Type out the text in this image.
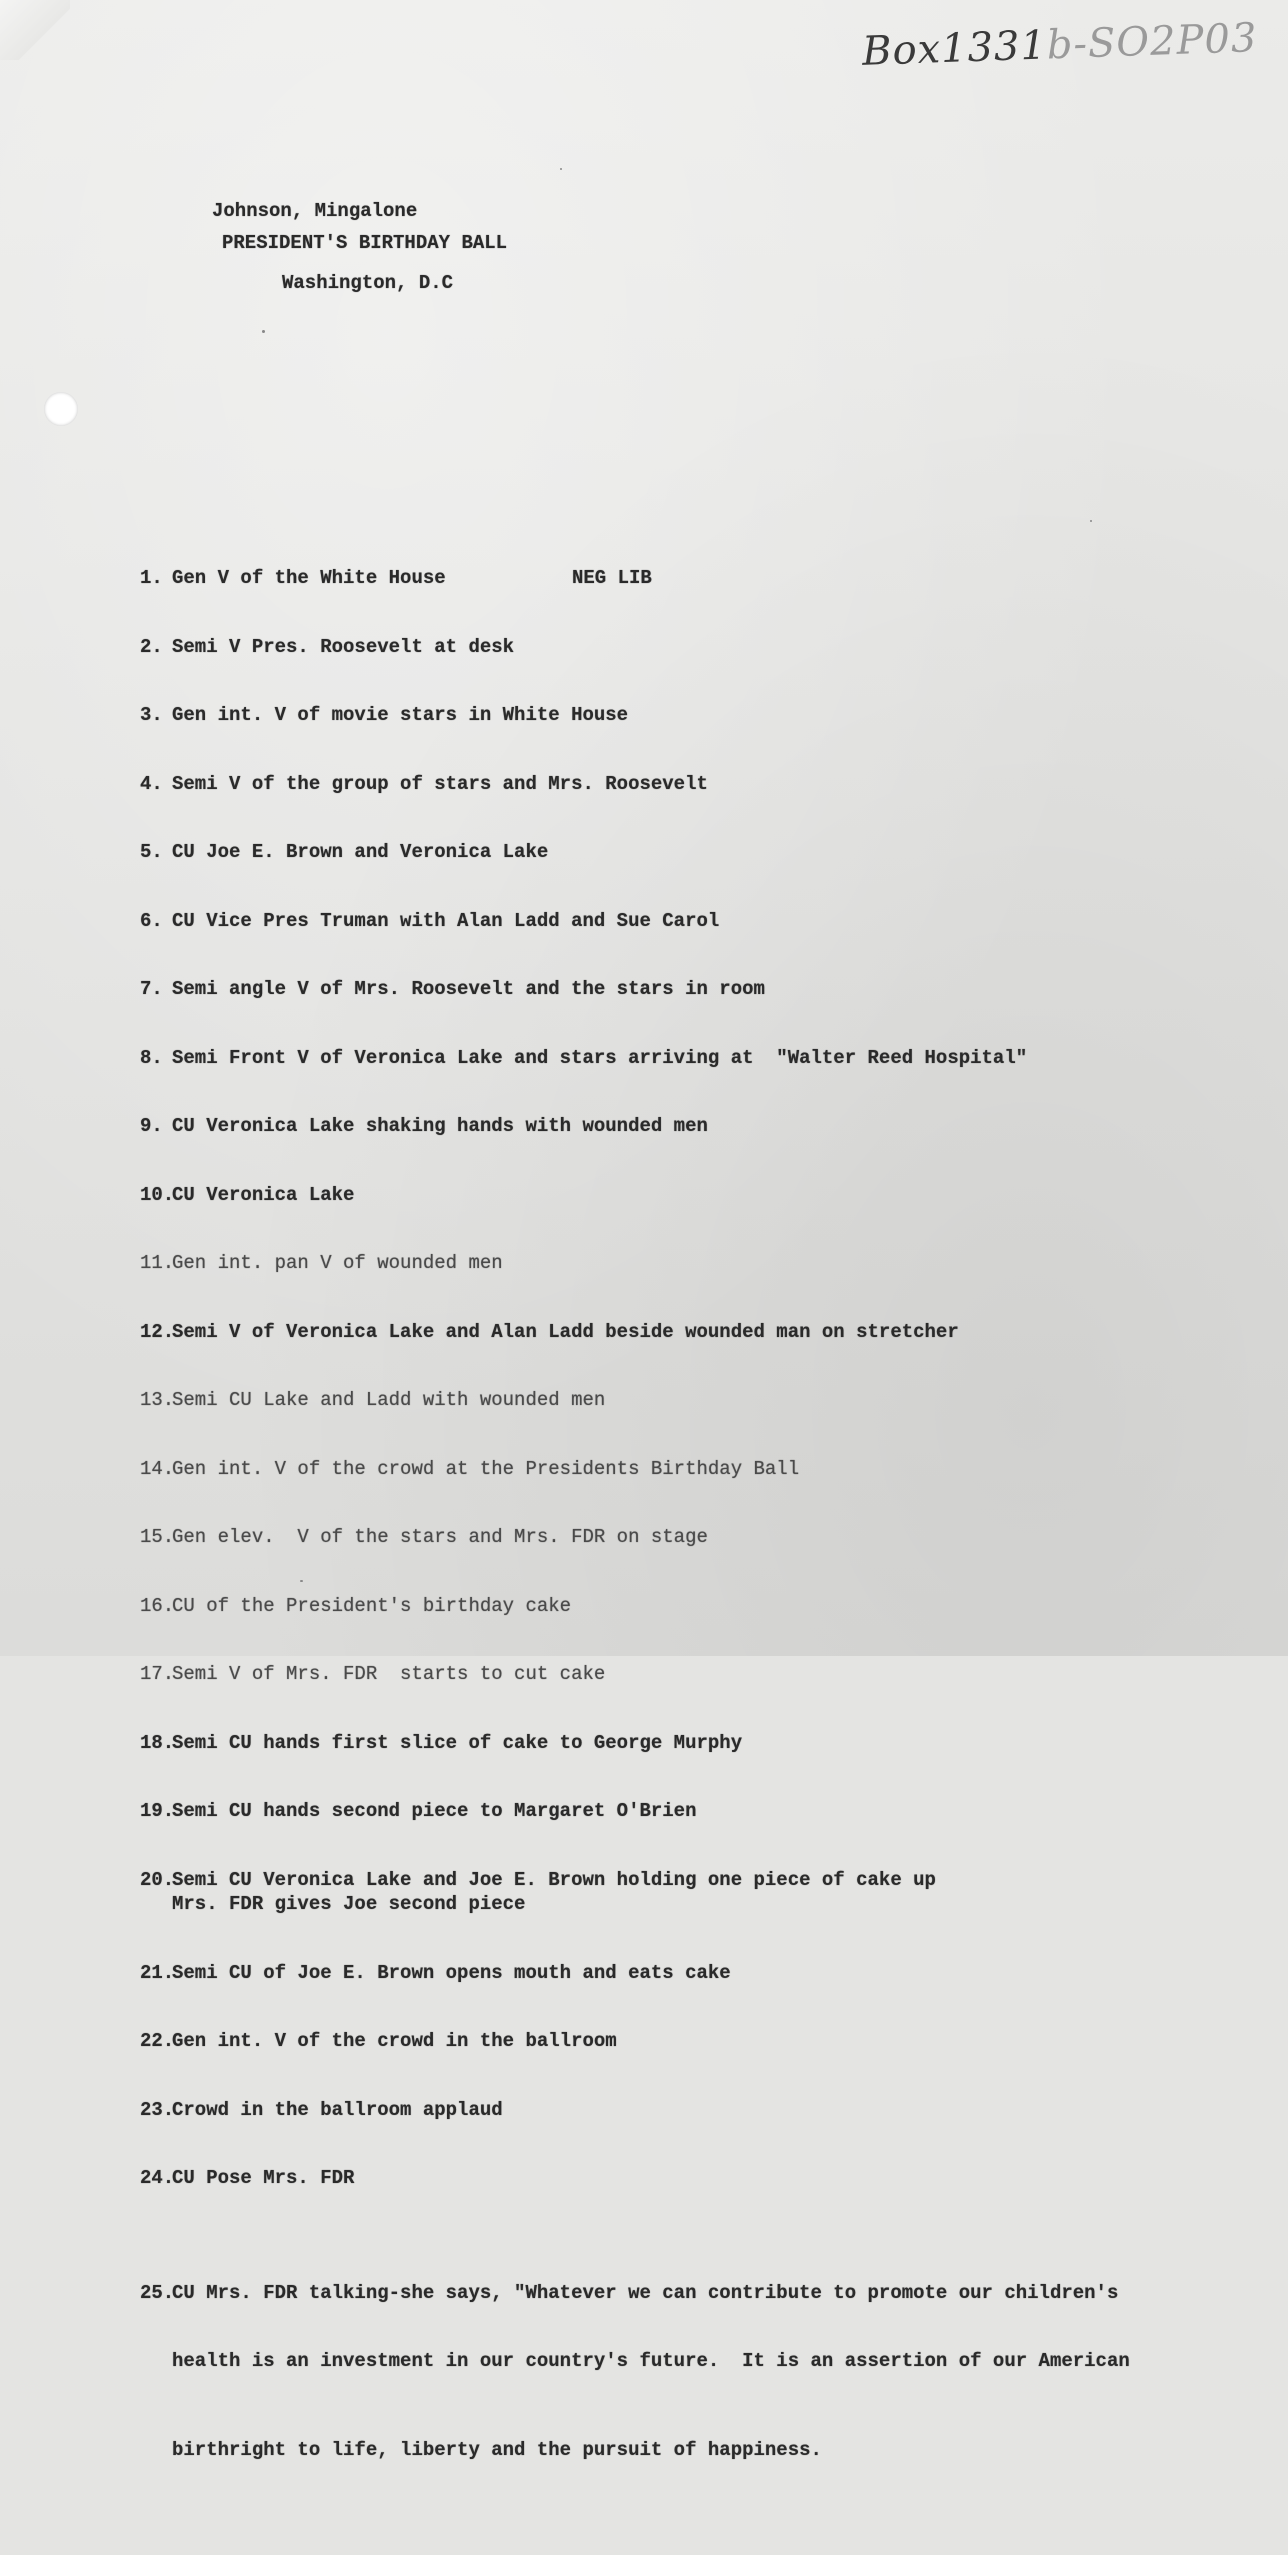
Box1331b-SO2P03
Johnson, Mingalone
PRESIDENT'S BIRTHDAY BALL
Washington, D.C

1. Gen V of the White House	NEG LIB

2. Semi V Pres. Roosevelt at desk

3. Gen int. V of movie stars in White House

4. Semi V of the group of stars and Mrs. Roosevelt

5. CU Joe E. Brown and Veronica Lake

6. CU Vice Pres Truman with Alan Ladd and Sue Carol

7. Semi angle V of Mrs. Roosevelt and the stars in room

8. Semi Front V of Veronica Lake and stars arriving at  "Walter Reed Hospital"

9. CU Veronica Lake shaking hands with wounded men

10.CU Veronica Lake

11.Gen int. pan V of wounded men

12.Semi V of Veronica Lake and Alan Ladd beside wounded man on stretcher

13.Semi CU Lake and Ladd with wounded men

14.Gen int. V of the crowd at the Presidents Birthday Ball

15.Gen elev.  V of the stars and Mrs. FDR on stage

16.CU of the President's birthday cake

17.Semi V of Mrs. FDR  starts to cut cake

18.Semi CU hands first slice of cake to George Murphy

19.Semi CU hands second piece to Margaret O'Brien

20.Semi CU Veronica Lake and Joe E. Brown holding one piece of cake up
Mrs. FDR gives Joe second piece

21.Semi CU of Joe E. Brown opens mouth and eats cake

22.Gen int. V of the crowd in the ballroom

23.Crowd in the ballroom applaud

24.CU Pose Mrs. FDR

25.CU Mrs. FDR talking-she says, "Whatever we can contribute to promote our children's

health is an investment in our country's future.  It is an assertion of our American

birthright to life, liberty and the pursuit of happiness.
